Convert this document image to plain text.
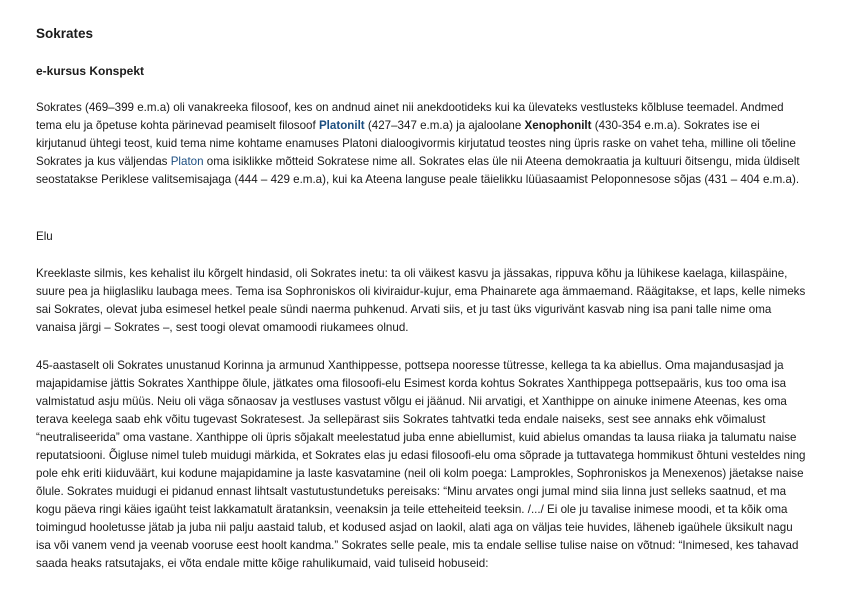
Sokrates
e-kursus Konspekt

Sokrates (469–399 e.m.a) oli vanakreeka filosoof, kes on andnud ainet nii anekdootideks kui ka ülevateks vestlusteks kõlbluse teemadel. Andmed tema elu ja õpetuse kohta pärinevad peamiselt filosoof Platonilt (427–347 e.m.a) ja ajaloolane Xenophonilt (430-354 e.m.a). Sokrates ise ei kirjutanud ühtegi teost, kuid tema nime kohtame enamuses Platoni dialoogivormis kirjutatud teostes ning üpris raske on vahet teha, milline oli tõeline Sokrates ja kus väljendas Platon oma isiklikke mõtteid Sokratese nime all. Sokrates elas üle nii Ateena demokraatia ja kultuuri õitsengu, mida üldiselt seostatakse Periklese valitsemisajaga (444 – 429 e.m.a), kui ka Ateena languse peale täielikku lüüasaamist Peloponnesose sõjas (431 – 404 e.m.a).

Elu

Kreeklaste silmis, kes kehalist ilu kõrgelt hindasid, oli Sokrates inetu: ta oli väikest kasvu ja jässakas, rippuva kõhu ja lühikese kaelaga, kiilaspäine, suure pea ja hiiglasliku laubaga mees. Tema isa Sophroniskos oli kiviraidur-kujur, ema Phainarete aga ämmaemand. Räägitakse, et laps, kelle nimeks sai Sokrates, olevat juba esimesel hetkel peale sündi naerma puhkenud. Arvati siis, et ju tast üks vigurivänt kasvab ning isa pani talle nime oma vanaisa järgi – Sokrates –, sest toogi olevat omamoodi riukamees olnud.

45-aastaselt oli Sokrates unustanud Korinna ja armunud Xanthippesse, pottsepa nooresse tütresse, kellega ta ka abiellus. Oma majandusasjad ja majapidamise jättis Sokrates Xanthippe õlule, jätkates oma filosoofi-elu Esimest korda kohtus Sokrates Xanthippega pottsepaäris, kus too oma isa valmistatud asju müüs. Neiu oli väga sõnaosav ja vestluses vastust võlgu ei jäänud. Nii arvatigi, et Xanthippe on ainuke inimene Ateenas, kes oma terava keelega saab ehk võitu tugevast Sokratesest. Ja sellepärast siis Sokrates tahtvatki teda endale naiseks, sest see annaks ehk võimalust “neutraliseerida” oma vastane. Xanthippe oli üpris sõjakalt meelestatud juba enne abiellumist, kuid abielus omandas ta lausa riiaka ja talumatu naise reputatsiooni. Õigluse nimel tuleb muidugi märkida, et Sokrates elas ju edasi filosoofi-elu oma sõprade ja tuttavatega hommikust õhtuni vesteldes ning pole ehk eriti kiiduväärt, kui kodune majapidamine ja laste kasvatamine (neil oli kolm poega: Lamprokles, Sophroniskos ja Menexenos) jäetakse naise õlule. Sokrates muidugi ei pidanud ennast lihtsalt vastutustundetuks pereisaks: “Minu arvates ongi jumal mind siia linna just selleks saatnud, et ma kogu päeva ringi käies igaüht teist lakkamatult äratanksin, veenaksin ja teile etteheiteid teeksin. /.../ Ei ole ju tavalise inimese moodi, et ta kõik oma toimingud hooletusse jätab ja juba nii palju aastaid talub, et kodused asjad on laokil, alati aga on väljas teie huvides, läheneb igaühele üksikult nagu isa või vanem vend ja veenab vooruse eest hoolt kandma.” Sokrates selle peale, mis ta endale sellise tulise naise on võtnud: “Inimesed, kes tahavad saada heaks ratsutajaks, ei võta endale mitte kõige rahulikumaid, vaid tuliseid hobuseid:
